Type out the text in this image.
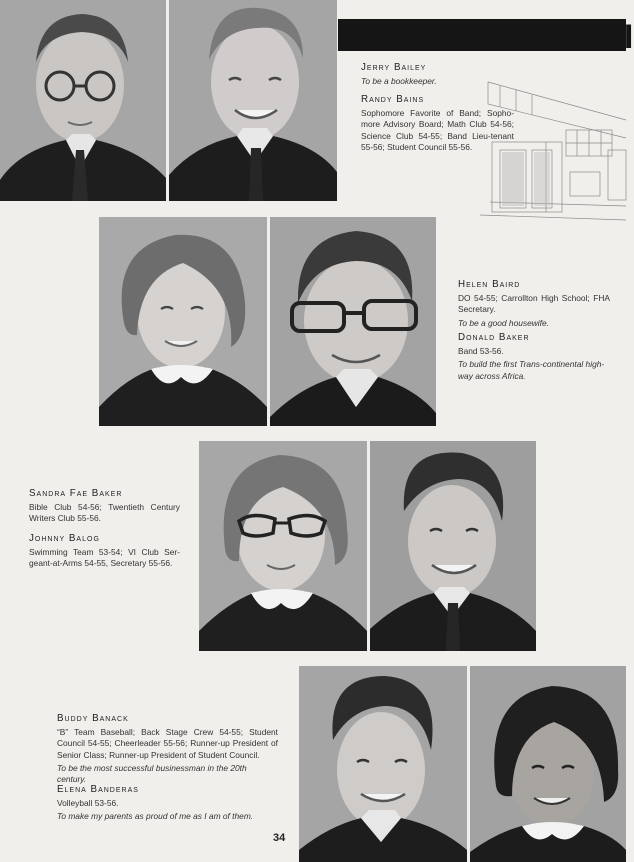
SENI
Jerry Bailey
To be a bookkeeper.
Randy Bains
Sophomore Favorite of Band; Sopho-more Advisory Board; Math Club 54-56; Science Club 54-55; Band Lieu-tenant 55-56; Student Council 55-56.
Helen Baird
DO 54-55; Carrollton High School; FHA Secretary.
To be a good housewife.
Donald Baker
Band 53-56.
To build the first Trans-continental high-way across Africa.
Sandra Fae Baker
Bible Club 54-56; Twentieth Century Writers Club 55-56.
Johnny Balog
Swimming Team 53-54; VI Club Ser-geant-at-Arms 54-55, Secretary 55-56.
Buddy Banack
“B” Team Baseball; Back Stage Crew 54-55; Student Council 54-55; Cheerleader 55-56; Runner-up President of Senior Class; Runner-up President of Student Council.
To be the most successful businessman in the 20th century.
Elena Banderas
Volleyball 53-56.
To make my parents as proud of me as I am of them.
34
